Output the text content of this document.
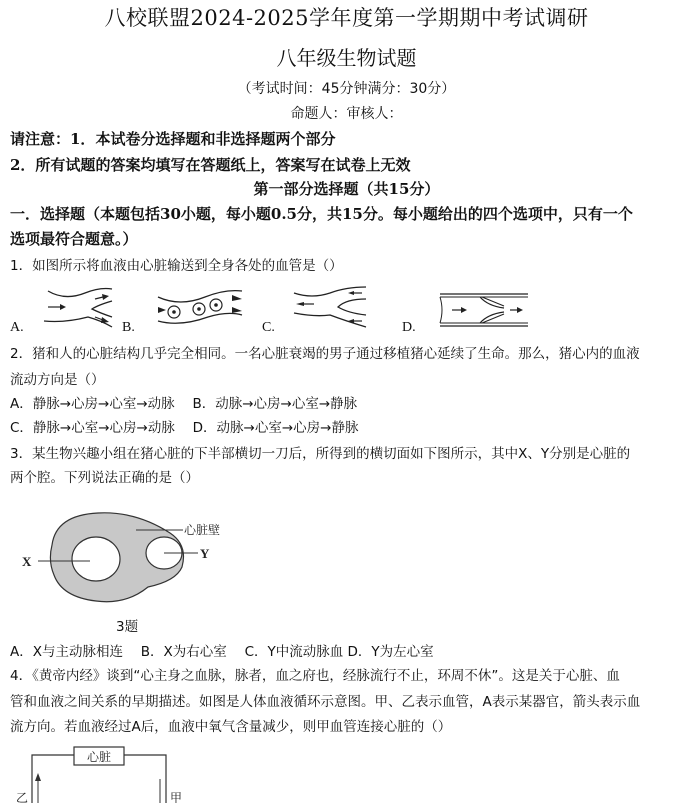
八校联盟2024-2025学年度第一学期期中考试调研
八年级生物试题
（考试时间：45分钟满分：30分）
命题人：审核人：
请注意：1．本试卷分选择题和非选择题两个部分
2．所有试题的答案均填写在答题纸上，答案写在试卷上无效
第一部分选择题（共15分）
一．选择题（本题包括30小题，每小题0.5分，共15分。每小题给出的四个选项中，只有一个
选项最符合题意。）
1．如图所示将血液由心脏输送到全身各处的血管是（）
A.	B.	C.	D.
2．猪和人的心脏结构几乎完全相同。一名心脏衰竭的男子通过移植猪心延续了生命。那么，猪心内的血液
流动方向是（）
A．静脉→心房→心室→动脉　 B．动脉→心房→心室→静脉
C．静脉→心室→心房→动脉　 D．动脉→心室→心房→静脉
3．某生物兴趣小组在猪心脏的下半部横切一刀后，所得到的横切面如下图所示，其中X、Y分别是心脏的
两个腔。下列说法正确的是（）
心脏壁
X
Y
3题
A．X与主动脉相连　 B．X为右心室　 C．Y中流动脉血 D．Y为左心室
4．《黄帝内经》谈到“心主身之血脉，脉者，血之府也，经脉流行不止，环周不休”。这是关于心脏、血
管和血液之间关系的早期描述。如图是人体血液循环示意图。甲、乙表示血管，A表示某器官，箭头表示血
流方向。若血液经过A后，血液中氧气含量减少，则甲血管连接心脏的（）
心脏
乙	甲
